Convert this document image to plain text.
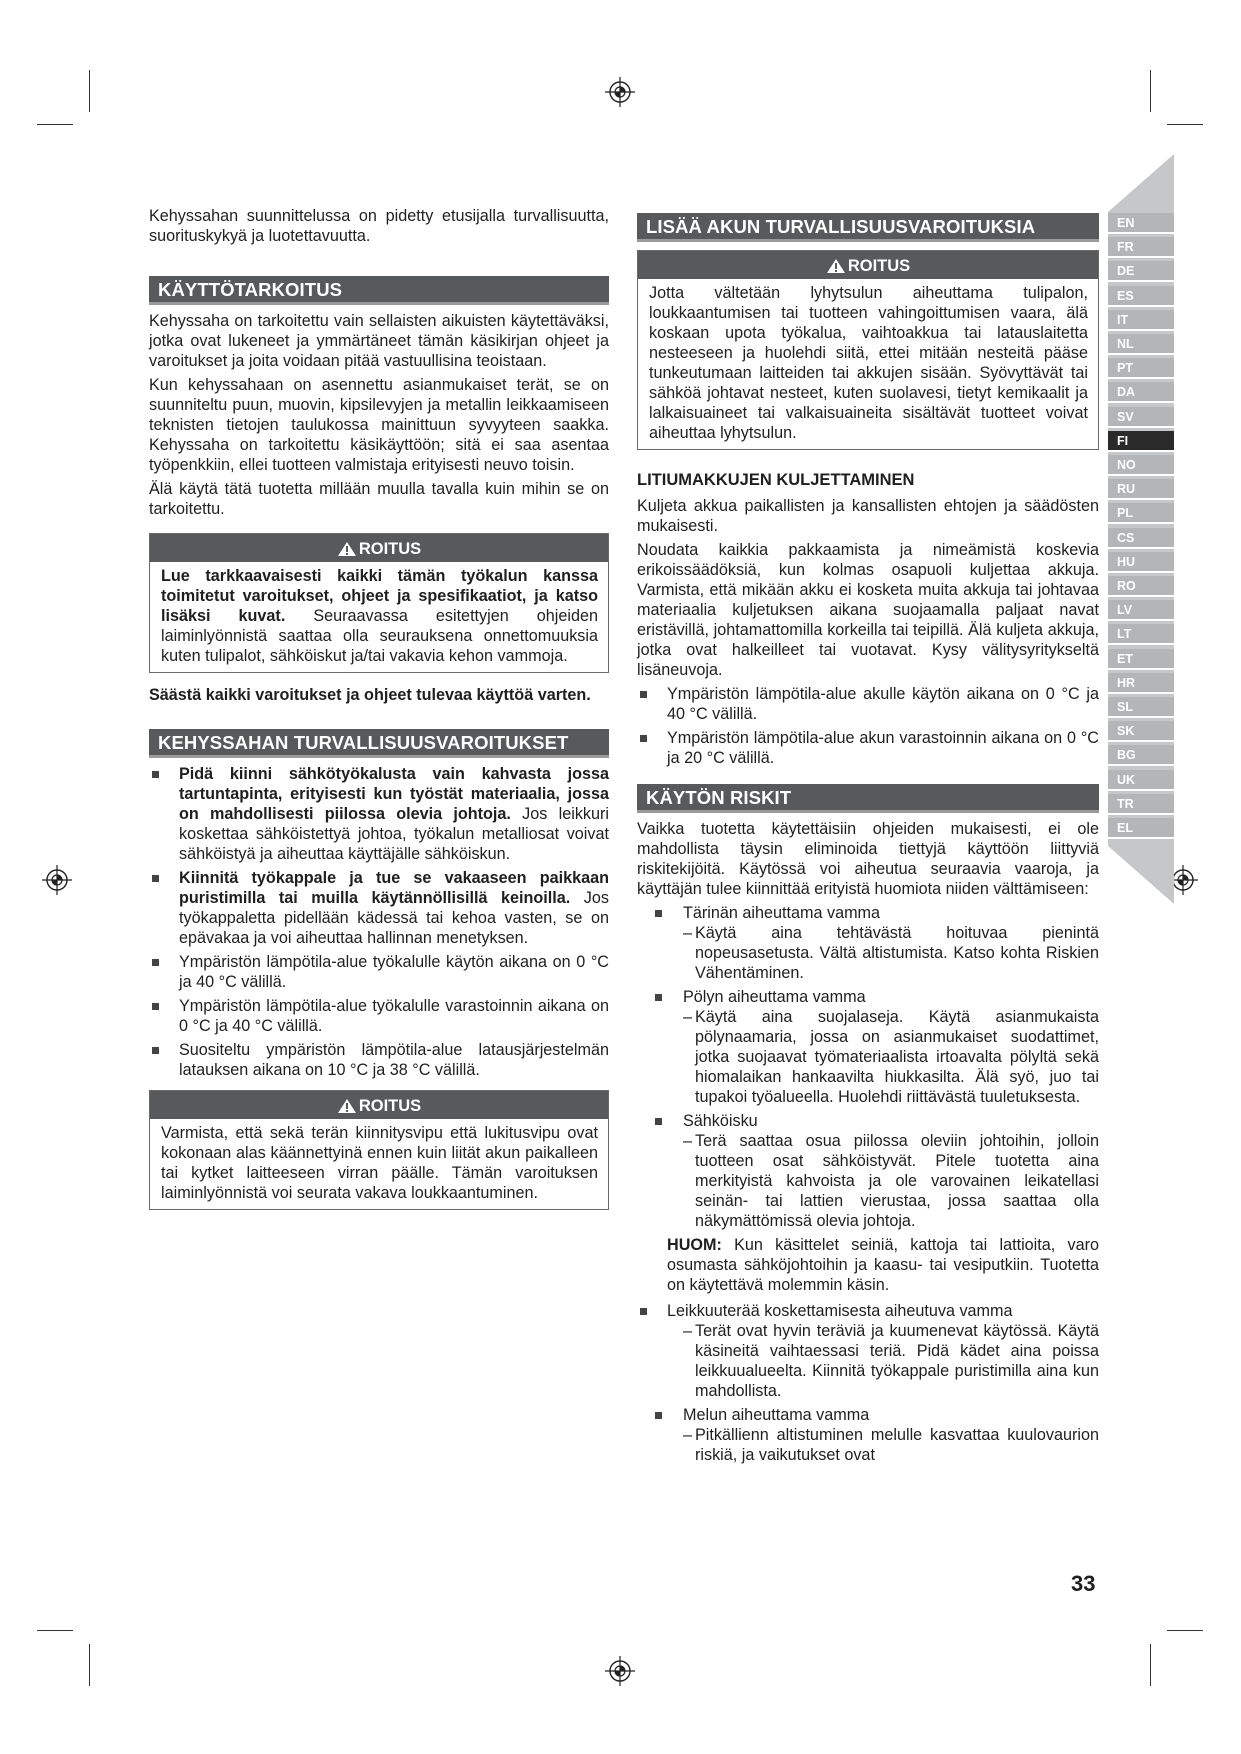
EN
FR
DE
ES
IT
NL
PT
DA
SV
FI
NO
RU
PL
CS
HU
RO
LV
LT
ET
HR
SL
SK
BG
UK
TR
EL

Kehyssahan suunnittelussa on pidetty etusijalla turvallisuutta, suorituskykyä ja luotettavuutta.

KÄYTTÖTARKOITUS

Kehyssaha on tarkoitettu vain sellaisten aikuisten käytettäväksi, jotka ovat lukeneet ja ymmärtäneet tämän käsikirjan ohjeet ja varoitukset ja joita voidaan pitää vastuullisina teoistaan.

Kun kehyssahaan on asennettu asianmukaiset terät, se on suunniteltu puun, muovin, kipsilevyjen ja metallin leikkaamiseen teknisten tietojen taulukossa mainittuun syvyyteen saakka. Kehyssaha on tarkoitettu käsikäyttöön; sitä ei saa asentaa työpenkkiin, ellei tuotteen valmistaja erityisesti neuvo toisin.

Älä käytä tätä tuotetta millään muulla tavalla kuin mihin se on tarkoitettu.

ROITUS

Lue tarkkaavaisesti kaikki tämän työkalun kanssa toimitetut varoitukset, ohjeet ja spesifikaatiot, ja katso lisäksi kuvat. Seuraavassa esitettyjen ohjeiden laiminlyönnistä saattaa olla seurauksena onnettomuuksia kuten tulipalot, sähköiskut ja/tai vakavia kehon vammoja.

Säästä kaikki varoitukset ja ohjeet tulevaa käyttöä varten.

KEHYSSAHAN TURVALLISUUSVAROITUKSET
Pidä kiinni sähkötyökalusta vain kahvasta jossa tartuntapinta, erityisesti kun työstät materiaalia, jossa on mahdollisesti piilossa olevia johtoja. Jos leikkuri koskettaa sähköistettyä johtoa, työkalun metalliosat voivat sähköistyä ja aiheuttaa käyttäjälle sähköiskun.
Kiinnitä työkappale ja tue se vakaaseen paikkaan puristimilla tai muilla käytännöllisillä keinoilla. Jos työkappaletta pidellään kädessä tai kehoa vasten, se on epävakaa ja voi aiheuttaa hallinnan menetyksen.
Ympäristön lämpötila-alue työkalulle käytön aikana on 0 °C ja 40 °C välillä.
Ympäristön lämpötila-alue työkalulle varastoinnin aikana on 0 °C ja 40 °C välillä.
Suositeltu ympäristön lämpötila-alue latausjärjestelmän latauksen aikana on 10 °C ja 38 °C välillä.
ROITUS

Varmista, että sekä terän kiinnitysvipu että lukitusvipu ovat kokonaan alas käännettyinä ennen kuin liität akun paikalleen tai kytket laitteeseen virran päälle. Tämän varoituksen laiminlyönnistä voi seurata vakava loukkaantuminen.

LISÄÄ AKUN TURVALLISUUSVAROITUKSIA
ROITUS

Jotta vältetään lyhytsulun aiheuttama tulipalon, loukkaantumisen tai tuotteen vahingoittumisen vaara, älä koskaan upota työkalua, vaihtoakkua tai latauslaitetta nesteeseen ja huolehdi siitä, ettei mitään nesteitä pääse tunkeutumaan laitteiden tai akkujen sisään. Syövyttävät tai sähköä johtavat nesteet, kuten suolavesi, tietyt kemikaalit ja lalkaisuaineet tai valkaisuaineita sisältävät tuotteet voivat aiheuttaa lyhytsulun.

LITIUMAKKUJEN KULJETTAMINEN

Kuljeta akkua paikallisten ja kansallisten ehtojen ja säädösten mukaisesti.

Noudata kaikkia pakkaamista ja nimeämistä koskevia erikoissäädöksiä, kun kolmas osapuoli kuljettaa akkuja. Varmista, että mikään akku ei kosketa muita akkuja tai johtavaa materiaalia kuljetuksen aikana suojaamalla paljaat navat eristävillä, johtamattomilla korkeilla tai teipillä. Älä kuljeta akkuja, jotka ovat halkeilleet tai vuotavat. Kysy välitysyritykseltä lisäneuvoja.

Ympäristön lämpötila-alue akulle käytön aikana on 0 °C ja 40 °C välillä.
Ympäristön lämpötila-alue akun varastoinnin aikana on 0 °C ja 20 °C välillä.
KÄYTÖN RISKIT

Vaikka tuotetta käytettäisiin ohjeiden mukaisesti, ei ole mahdollista täysin eliminoida tiettyjä käyttöön liittyviä riskitekijöitä. Käytössä voi aiheutua seuraavia vaaroja, ja käyttäjän tulee kiinnittää erityistä huomiota niiden välttämiseen:

Tärinän aiheuttama vamma
– Käytä aina tehtävästä hoituvaa pienintä nopeusasetusta. Vältä altistumista. Katso kohta Riskien Vähentäminen.
Pölyn aiheuttama vamma
– Käytä aina suojalaseja. Käytä asianmukaista pölynaamaria, jossa on asianmukaiset suodattimet, jotka suojaavat työmateriaalista irtoavalta pölyltä sekä hiomalaikan hankaavilta hiukkasilta. Älä syö, juo tai tupakoi työalueella. Huolehdi riittävästä tuuletuksesta.
Sähköisku
– Terä saattaa osua piilossa oleviin johtoihin, jolloin tuotteen osat sähköistyvät. Pitele tuotetta aina merkityistä kahvoista ja ole varovainen leikatellasi seinän- tai lattien vierustaa, jossa saattaa olla näkymättömissä olevia johtoja.

HUOM: Kun käsittelet seiniä, kattoja tai lattioita, varo osumasta sähköjohtoihin ja kaasu- tai vesiputkiin. Tuotetta on käytettävä molemmin käsin.

Leikkuuterää koskettamisesta aiheutuva vamma
– Terät ovat hyvin teräviä ja kuumenevat käytössä. Käytä käsineitä vaihtaessasi teriä. Pidä kädet aina poissa leikkuualueelta. Kiinnitä työkappale puristimilla aina kun mahdollista.
Melun aiheuttama vamma
– Pitkällienn altistuminen melulle kasvattaa kuulovaurion riskiä, ja vaikutukset ovat
33
